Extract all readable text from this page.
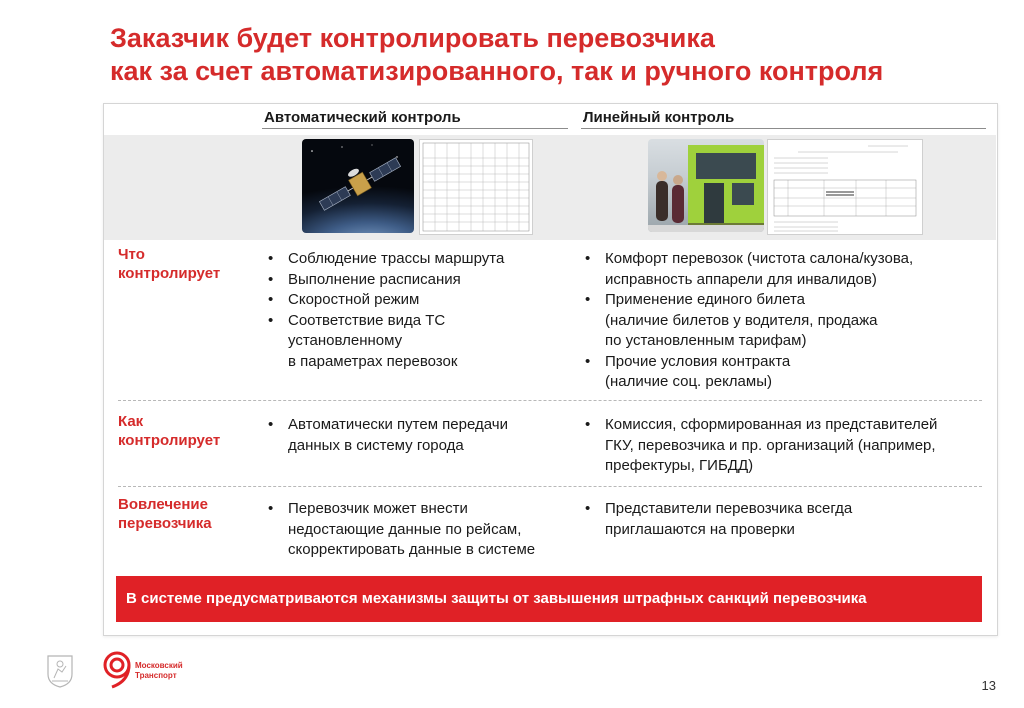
Заказчик будет контролировать перевозчика
как за счет автоматизированного, так и ручного контроля
Автоматический контроль	Линейный контроль
Что
контролирует
• Соблюдение трассы маршрута
• Выполнение расписания
• Скоростной режим
• Соответствие вида ТС
установленному
в параметрах перевозок
• Комфорт перевозок (чистота салона/кузова,
исправность аппарели для инвалидов)
• Применение единого билета
(наличие билетов у водителя, продажа
по установленным тарифам)
• Прочие условия контракта
(наличие соц. рекламы)
Как
контролирует
• Автоматически путем передачи
данных в систему города
• Комиссия, сформированная из представителей
ГКУ, перевозчика и пр. организаций (например,
префектуры, ГИБДД)
Вовлечение
перевозчика
• Перевозчик может внести
недостающие данные по рейсам,
скорректировать данные в системе
• Представители перевозчика всегда
приглашаются на проверки
В системе предусматриваются механизмы защиты от завышения штрафных санкций перевозчика
Московский
Транспорт
13
